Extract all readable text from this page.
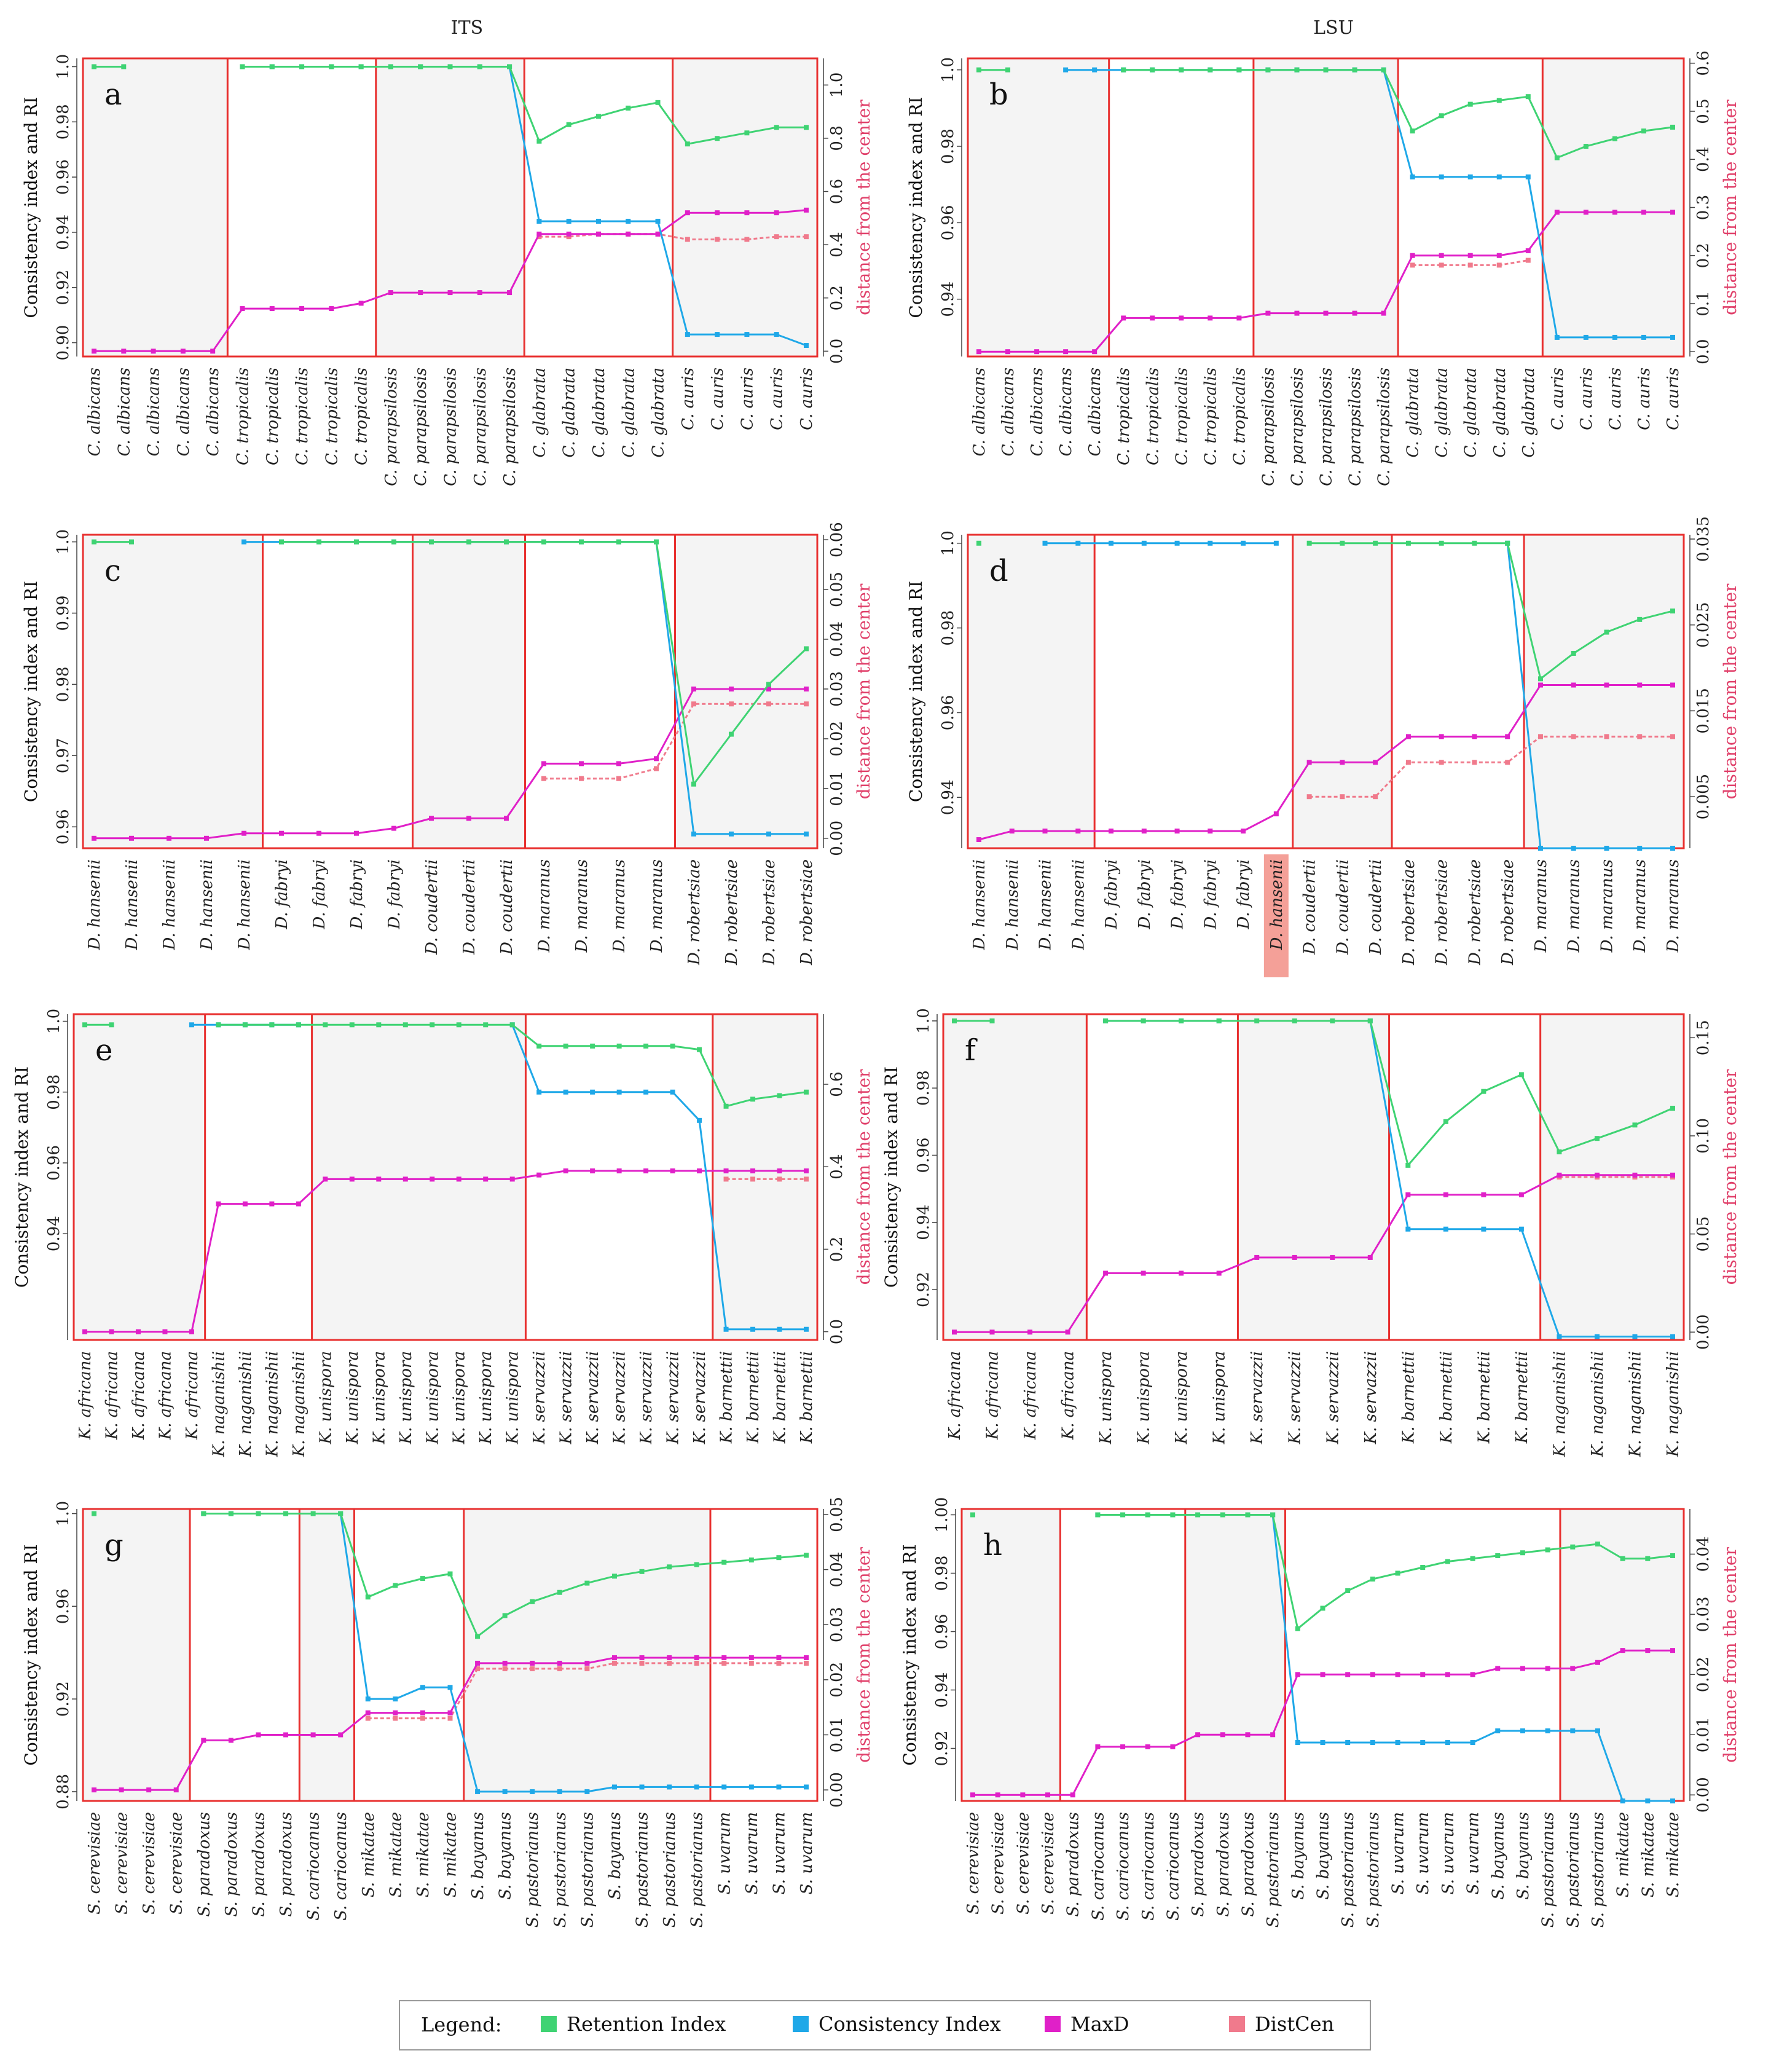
ITS	LSU
0.90
0.92
0.94
0.96
0.98
1.0
0.0
0.2
0.4
0.6
0.8
1.0
Consistency index and RI	distance from the center
a
C. albicans C. albicans C. albicans C. albicans C. albicans C. tropicalis C. tropicalis C. tropicalis C. tropicalis C. tropicalis C. parapsilosis C. parapsilosis C. parapsilosis C. parapsilosis C. parapsilosis C. glabrata C. glabrata C. glabrata C. glabrata C. glabrata C. auris C. auris C. auris C. auris C. auris
0.94
0.96
0.98
1.0
0.0
0.1
0.2
0.3
0.4
0.5
0.6
Consistency index and RI	distance from the center
b
C. albicans C. albicans C. albicans C. albicans C. albicans C. tropicalis C. tropicalis C. tropicalis C. tropicalis C. tropicalis C. parapsilosis C. parapsilosis C. parapsilosis C. parapsilosis C. parapsilosis C. glabrata C. glabrata C. glabrata C. glabrata C. glabrata C. auris C. auris C. auris C. auris C. auris
0.96
0.97
0.98
0.99
1.0
0.00
0.01
0.02
0.03
0.04
0.05
0.06
Consistency index and RI	distance from the center
c
D. hansenii D. hansenii D. hansenii D. hansenii D. hansenii D. fabryi D. fabryi D. fabryi D. fabryi D. coudertii D. coudertii D. coudertii D. maranus D. maranus D. maranus D. maranus D. robertsiae D. robertsiae D. robertsiae D. robertsiae
0.94
0.96
0.98
1.0
0.005
0.015
0.025
0.035
Consistency index and RI	distance from the center
d
D. hansenii D. hansenii D. hansenii D. hansenii D. fabryi D. fabryi D. fabryi D. fabryi D. fabryi D. hansenii D. coudertii D. coudertii D. coudertii D. robertsiae D. robertsiae D. robertsiae D. robertsiae D. maranus D. maranus D. maranus D. maranus D. maranus
0.94
0.96
0.98
1.0
0.0
0.2
0.4
0.6
Consistency index and RI	distance from the center
e
K. africana K. africana K. africana K. africana K. africana K. naganishii K. naganishii K. naganishii K. naganishii K. unispora K. unispora K. unispora K. unispora K. unispora K. unispora K. unispora K. unispora K. servazzii K. servazzii K. servazzii K. servazzii K. servazzii K. servazzii K. servazzii K. barnettii K. barnettii K. barnettii K. barnettii
0.92
0.94
0.96
0.98
1.0
0.00
0.05
0.10
0.15
Consistency index and RI	distance from the center
f
K. africana K. africana K. africana K. africana K. unispora K. unispora K. unispora K. unispora K. servazzii K. servazzii K. servazzii K. servazzii K. barnettii K. barnettii K. barnettii K. barnettii K. naganishii K. naganishii K. naganishii K. naganishii
0.88
0.92
0.96
1.0
0.00
0.01
0.02
0.03
0.04
0.05
Consistency index and RI	distance from the center
g
S. cerevisiae S. cerevisiae S. cerevisiae S. cerevisiae S. paradoxus S. paradoxus S. paradoxus S. paradoxus S. cariocanus S. cariocanus S. mikatae S. mikatae S. mikatae S. mikatae S. bayanus S. bayanus S. pastorianus S. pastorianus S. pastorianus S. bayanus S. pastorianus S. pastorianus S. pastorianus S. uvarum S. uvarum S. uvarum S. uvarum
0.92
0.94
0.96
0.98
1.00
0.00
0.01
0.02
0.03
0.04
Consistency index and RI	distance from the center
h
S. cerevisiae S. cerevisiae S. cerevisiae S. cerevisiae S. paradoxus S. cariocanus S. cariocanus S. cariocanus S. cariocanus S. paradoxus S. paradoxus S. paradoxus S. pastorianus S. bayanus S. bayanus S. pastorianus S. pastorianus S. uvarum S. uvarum S. uvarum S. uvarum S. bayanus S. bayanus S. pastorianus S. pastorianus S. pastorianus S. mikatae S. mikatae S. mikatae
Legend:	Retention Index	Consistency Index	MaxD	DistCen
